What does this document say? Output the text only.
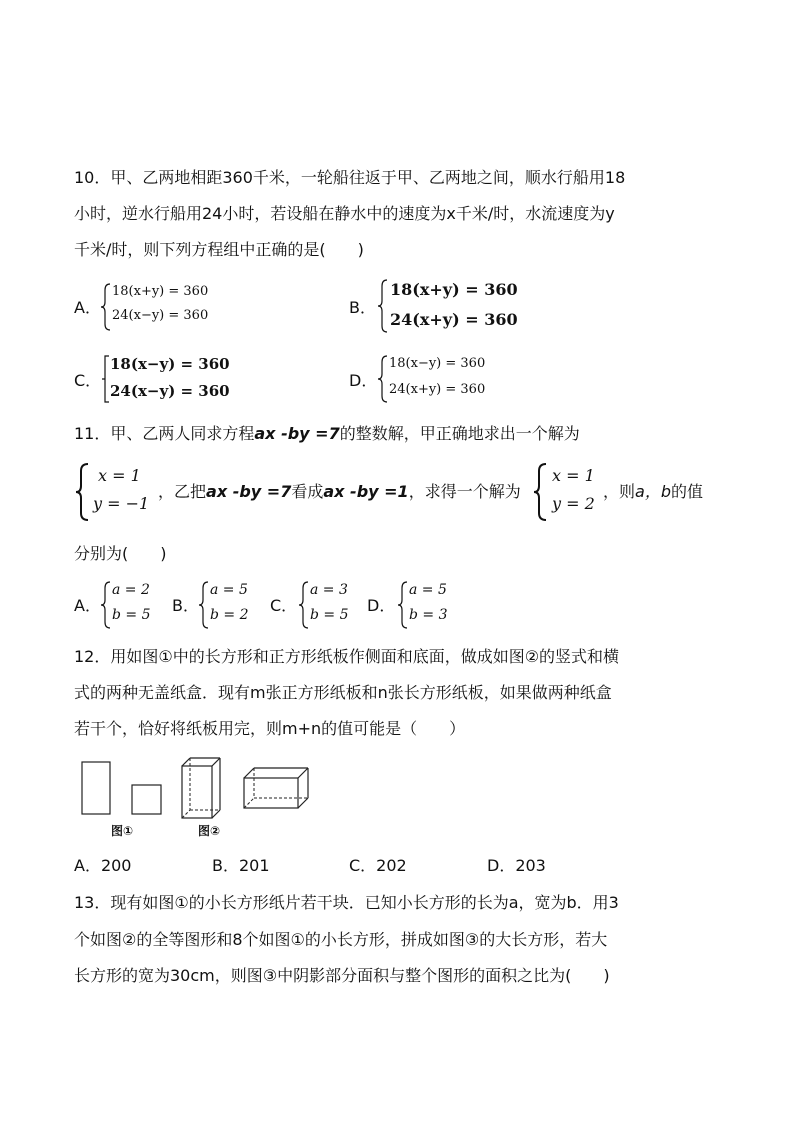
10．甲、乙两地相距360千米，一轮船往返于甲、乙两地之间，顺水行船用18
小时，逆水行船用24小时，若设船在静水中的速度为x千米/时，水流速度为y
千米/时，则下列方程组中正确的是(　　)
A．
18(x+y) = 360
24(x−y) = 360	B．
18(x+y) = 360
24(x+y) = 360
C．
18(x−y) = 360
24(x−y) = 360
D．
18(x−y) = 360
24(x+y) = 360
11．甲、乙两人同求方程ax -by =7的整数解，甲正确地求出一个解为
x = 1
y = −1
，乙把ax -by =7看成ax -by =1，求得一个解为
x = 1
y = 2
，则a，b的值
分别为(　　)
A．
a = 2
b = 5 B．
a = 5
b = 2 C．
a = 3
b = 5 D．
a = 5
b = 3
12．用如图①中的长方形和正方形纸板作侧面和底面，做成如图②的竖式和横
式的两种无盖纸盒．现有m张正方形纸板和n张长方形纸板，如果做两种纸盒
若干个，恰好将纸板用完，则m+n的值可能是（　　）
图①	图②
A．200	B．201	C．202	D．203
13．现有如图①的小长方形纸片若干块．已知小长方形的长为a，宽为b．用3
个如图②的全等图形和8个如图①的小长方形，拼成如图③的大长方形，若大
长方形的宽为30cm，则图③中阴影部分面积与整个图形的面积之比为(　　)
